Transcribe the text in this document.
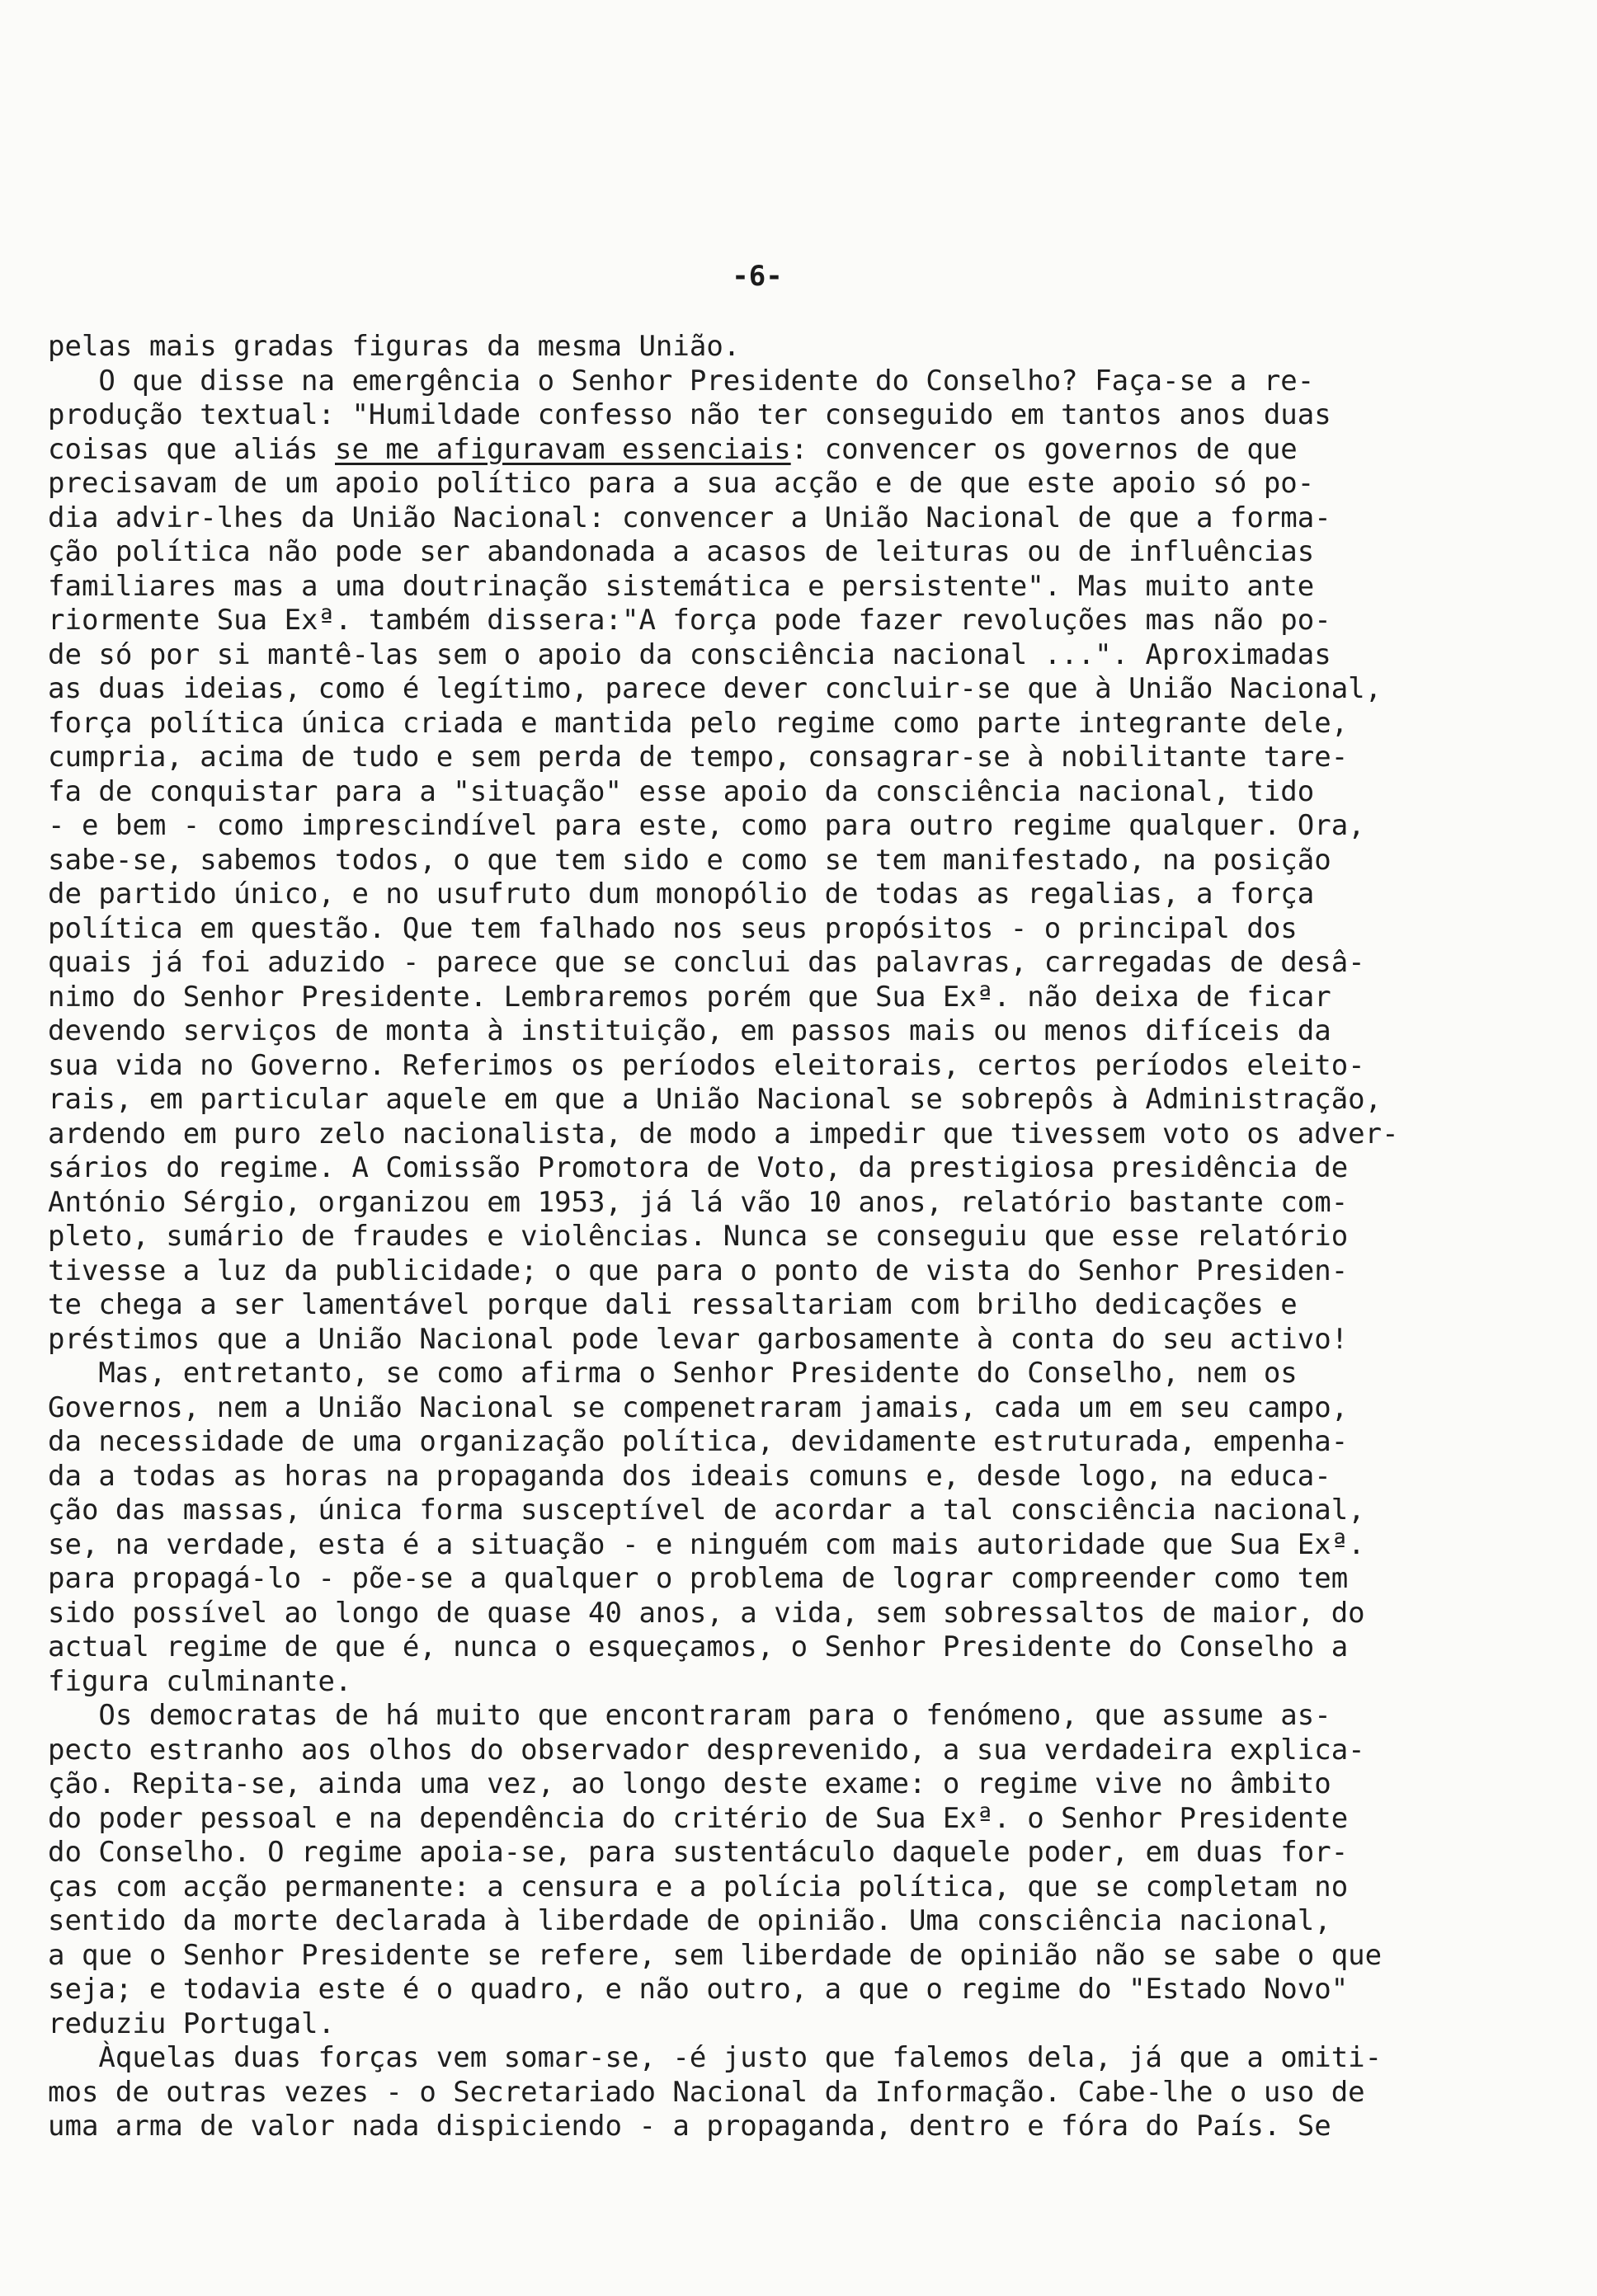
-6-
pelas mais gradas figuras da mesma União.
O que disse na emergência o Senhor Presidente do Conselho? Faça-se a re-
produção textual: "Humildade confesso não ter conseguido em tantos anos duas
coisas que aliás se me afiguravam essenciais: convencer os governos de que
precisavam de um apoio político para a sua acção e de que este apoio só po-
dia advir-lhes da União Nacional: convencer a União Nacional de que a forma-
ção política não pode ser abandonada a acasos de leituras ou de influências
familiares mas a uma doutrinação sistemática e persistente". Mas muito ante
riormente Sua Exª. também dissera:"A força pode fazer revoluções mas não po-
de só por si mantê-las sem o apoio da consciência nacional ...". Aproximadas
as duas ideias, como é legítimo, parece dever concluir-se que à União Nacional,
força política única criada e mantida pelo regime como parte integrante dele,
cumpria, acima de tudo e sem perda de tempo, consagrar-se à nobilitante tare-
fa de conquistar para a "situação" esse apoio da consciência nacional, tido
- e bem - como imprescindível para este, como para outro regime qualquer. Ora,
sabe-se, sabemos todos, o que tem sido e como se tem manifestado, na posição
de partido único, e no usufruto dum monopólio de todas as regalias, a força
política em questão. Que tem falhado nos seus propósitos - o principal dos
quais já foi aduzido - parece que se conclui das palavras, carregadas de desâ-
nimo do Senhor Presidente. Lembraremos porém que Sua Exª. não deixa de ficar
devendo serviços de monta à instituição, em passos mais ou menos difíceis da
sua vida no Governo. Referimos os períodos eleitorais, certos períodos eleito-
rais, em particular aquele em que a União Nacional se sobrepôs à Administração,
ardendo em puro zelo nacionalista, de modo a impedir que tivessem voto os adver-
sários do regime. A Comissão Promotora de Voto, da prestigiosa presidência de
António Sérgio, organizou em 1953, já lá vão 10 anos, relatório bastante com-
pleto, sumário de fraudes e violências. Nunca se conseguiu que esse relatório
tivesse a luz da publicidade; o que para o ponto de vista do Senhor Presiden-
te chega a ser lamentável porque dali ressaltariam com brilho dedicações e
préstimos que a União Nacional pode levar garbosamente à conta do seu activo!
Mas, entretanto, se como afirma o Senhor Presidente do Conselho, nem os
Governos, nem a União Nacional se compenetraram jamais, cada um em seu campo,
da necessidade de uma organização política, devidamente estruturada, empenha-
da a todas as horas na propaganda dos ideais comuns e, desde logo, na educa-
ção das massas, única forma susceptível de acordar a tal consciência nacional,
se, na verdade, esta é a situação - e ninguém com mais autoridade que Sua Exª.
para propagá-lo - põe-se a qualquer o problema de lograr compreender como tem
sido possível ao longo de quase 40 anos, a vida, sem sobressaltos de maior, do
actual regime de que é, nunca o esqueçamos, o Senhor Presidente do Conselho a
figura culminante.
Os democratas de há muito que encontraram para o fenómeno, que assume as-
pecto estranho aos olhos do observador desprevenido, a sua verdadeira explica-
ção. Repita-se, ainda uma vez, ao longo deste exame: o regime vive no âmbito
do poder pessoal e na dependência do critério de Sua Exª. o Senhor Presidente
do Conselho. O regime apoia-se, para sustentáculo daquele poder, em duas for-
ças com acção permanente: a censura e a polícia política, que se completam no
sentido da morte declarada à liberdade de opinião. Uma consciência nacional,
a que o Senhor Presidente se refere, sem liberdade de opinião não se sabe o que
seja; e todavia este é o quadro, e não outro, a que o regime do "Estado Novo"
reduziu Portugal.
Àquelas duas forças vem somar-se, -é justo que falemos dela, já que a omiti-
mos de outras vezes - o Secretariado Nacional da Informação. Cabe-lhe o uso de
uma arma de valor nada dispiciendo - a propaganda, dentro e fóra do País. Se
